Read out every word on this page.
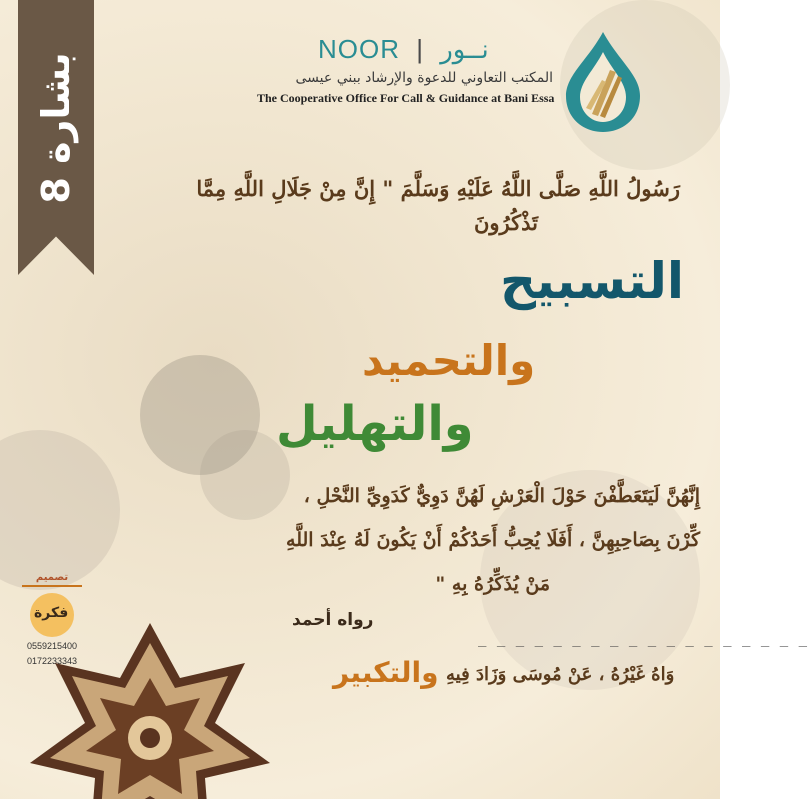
بشارة 8
NOOR | نــور
المكتب التعاوني للدعوة والإرشاد ببني عيسى
The Cooperative Office For Call & Guidance at Bani Essa
رَسُولُ اللَّهِ صَلَّى اللَّهُ عَلَيْهِ وَسَلَّمَ " إِنَّ مِنْ جَلَالِ اللَّهِ مِمَّا
تَذْكُرُونَ
التسبيح
والتحميد
والتهليل
إِنَّهُنَّ لَيَتَعَطَّفْنَ حَوْلَ الْعَرْشِ لَهُنَّ دَوِيٌّ كَدَوِيِّ النَّحْلِ ،
كِّرْنَ بِصَاحِبِهِنَّ ، أَفَلَا يُحِبُّ أَحَدُكُمْ أَنْ يَكُونَ لَهُ عِنْدَ اللَّهِ
مَنْ يُذَكِّرُهُ بِهِ "
رواه أحمد
_ _ _ _ _ _ _ _ _ _ _ _ _ _ _ _ _ _
وَاهُ غَيْرُهُ ، عَنْ مُوسَى وَزَادَ فِيهِ
والتكبير
تصميم
فكرة
0559215400
0172233343
